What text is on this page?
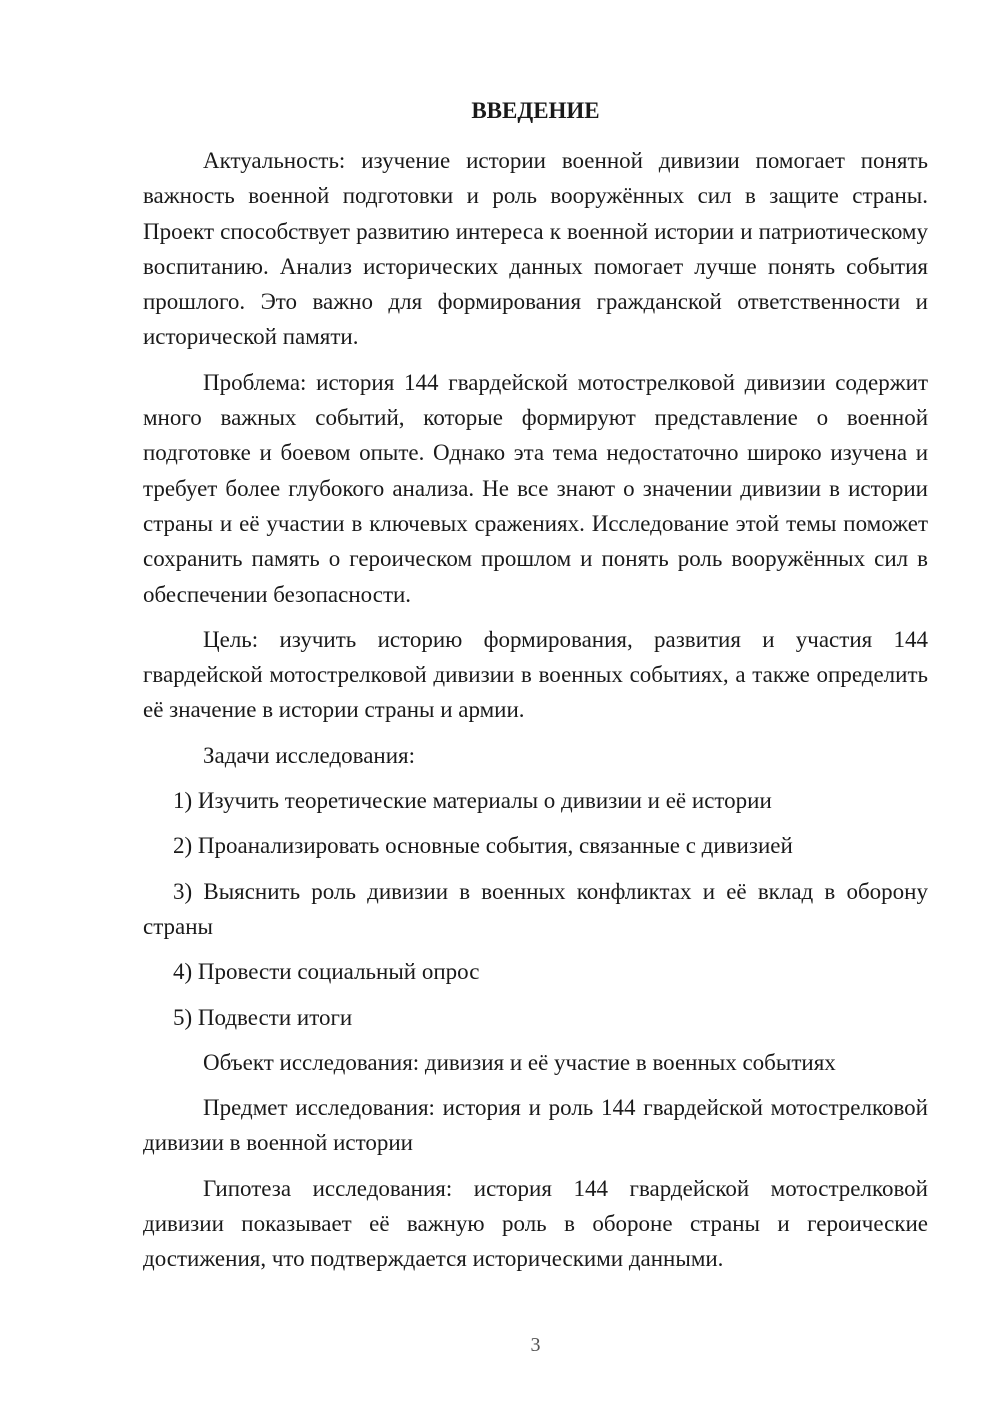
ВВЕДЕНИЕ

Актуальность: изучение истории военной дивизии помогает понять важность военной подготовки и роль вооружённых сил в защите страны. Проект способствует развитию интереса к военной истории и патриотическому воспитанию. Анализ исторических данных помогает лучше понять события прошлого. Это важно для формирования гражданской ответственности и исторической памяти.

Проблема: история 144 гвардейской мотострелковой дивизии содержит много важных событий, которые формируют представление о военной подготовке и боевом опыте. Однако эта тема недостаточно широко изучена и требует более глубокого анализа. Не все знают о значении дивизии в истории страны и её участии в ключевых сражениях. Исследование этой темы поможет сохранить память о героическом прошлом и понять роль вооружённых сил в обеспечении безопасности.

Цель: изучить историю формирования, развития и участия 144 гвардейской мотострелковой дивизии в военных событиях, а также определить её значение в истории страны и армии.

Задачи исследования:

1) Изучить теоретические материалы о дивизии и её истории

2) Проанализировать основные события, связанные с дивизией

3) Выяснить роль дивизии в военных конфликтах и её вклад в оборону страны

4) Провести социальный опрос

5) Подвести итоги

Объект исследования: дивизия и её участие в военных событиях

Предмет исследования: история и роль 144 гвардейской мотострелковой дивизии в военной истории

Гипотеза исследования: история 144 гвардейской мотострелковой дивизии показывает её важную роль в обороне страны и героические достижения, что подтверждается историческими данными.

3
